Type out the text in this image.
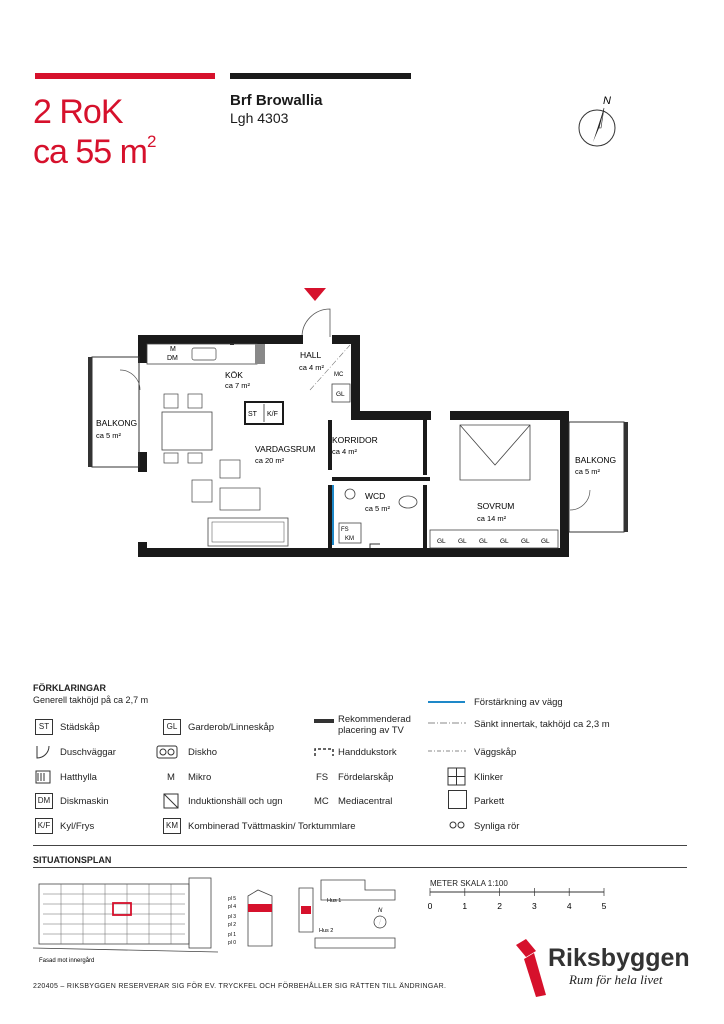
2 RoK
ca 55 $m^2$
Brf Browallia
Lgh 4303
N
M
DM
ST K/F
MC
GL
GL GL GL GL GL GL
FS
KM
HALL
ca 4 m²
KÖK
ca 7 m²
BALKONG
ca 5 m²
VARDAGSRUM
ca 20 m²
KORRIDOR
ca 4 m²
WCD
ca 5 m²	SOVRUM
ca 14 m²
BALKONG
ca 5 m²
FÖRKLARINGAR
Generell takhöjd på ca 2,7 m
ST	Städskåp
Duschväggar
Hatthylla
DM Diskmaskin
K/F Kyl/Frys
GL	Garderob/Linneskåp
Diskho
M Mikro
Induktionshäll och ugn
KM	Kombinerad Tvättmaskin/ Torktummlare
Rekommenderad placering av TV
Handdukstork
FS Fördelarskåp
MC Mediacentral
Förstärkning av vägg
Sänkt innertak, takhöjd ca 2,3 m
Väggskåp
Klinker
Parkett
Synliga rör
SITUATIONSPLAN
Fasad mot innergård
pl 5
pl 4
pl 3
pl 2
pl 1
pl 0
Hus 1
Hus 2
N
METER SKALA 1:100
0	1	2	3	4	5
220405 – RIKSBYGGEN RESERVERAR SIG FÖR EV. TRYCKFEL OCH FÖRBEHÅLLER SIG RÄTTEN TILL ÄNDRINGAR.
Riksbyggen
Rum för hela livet
